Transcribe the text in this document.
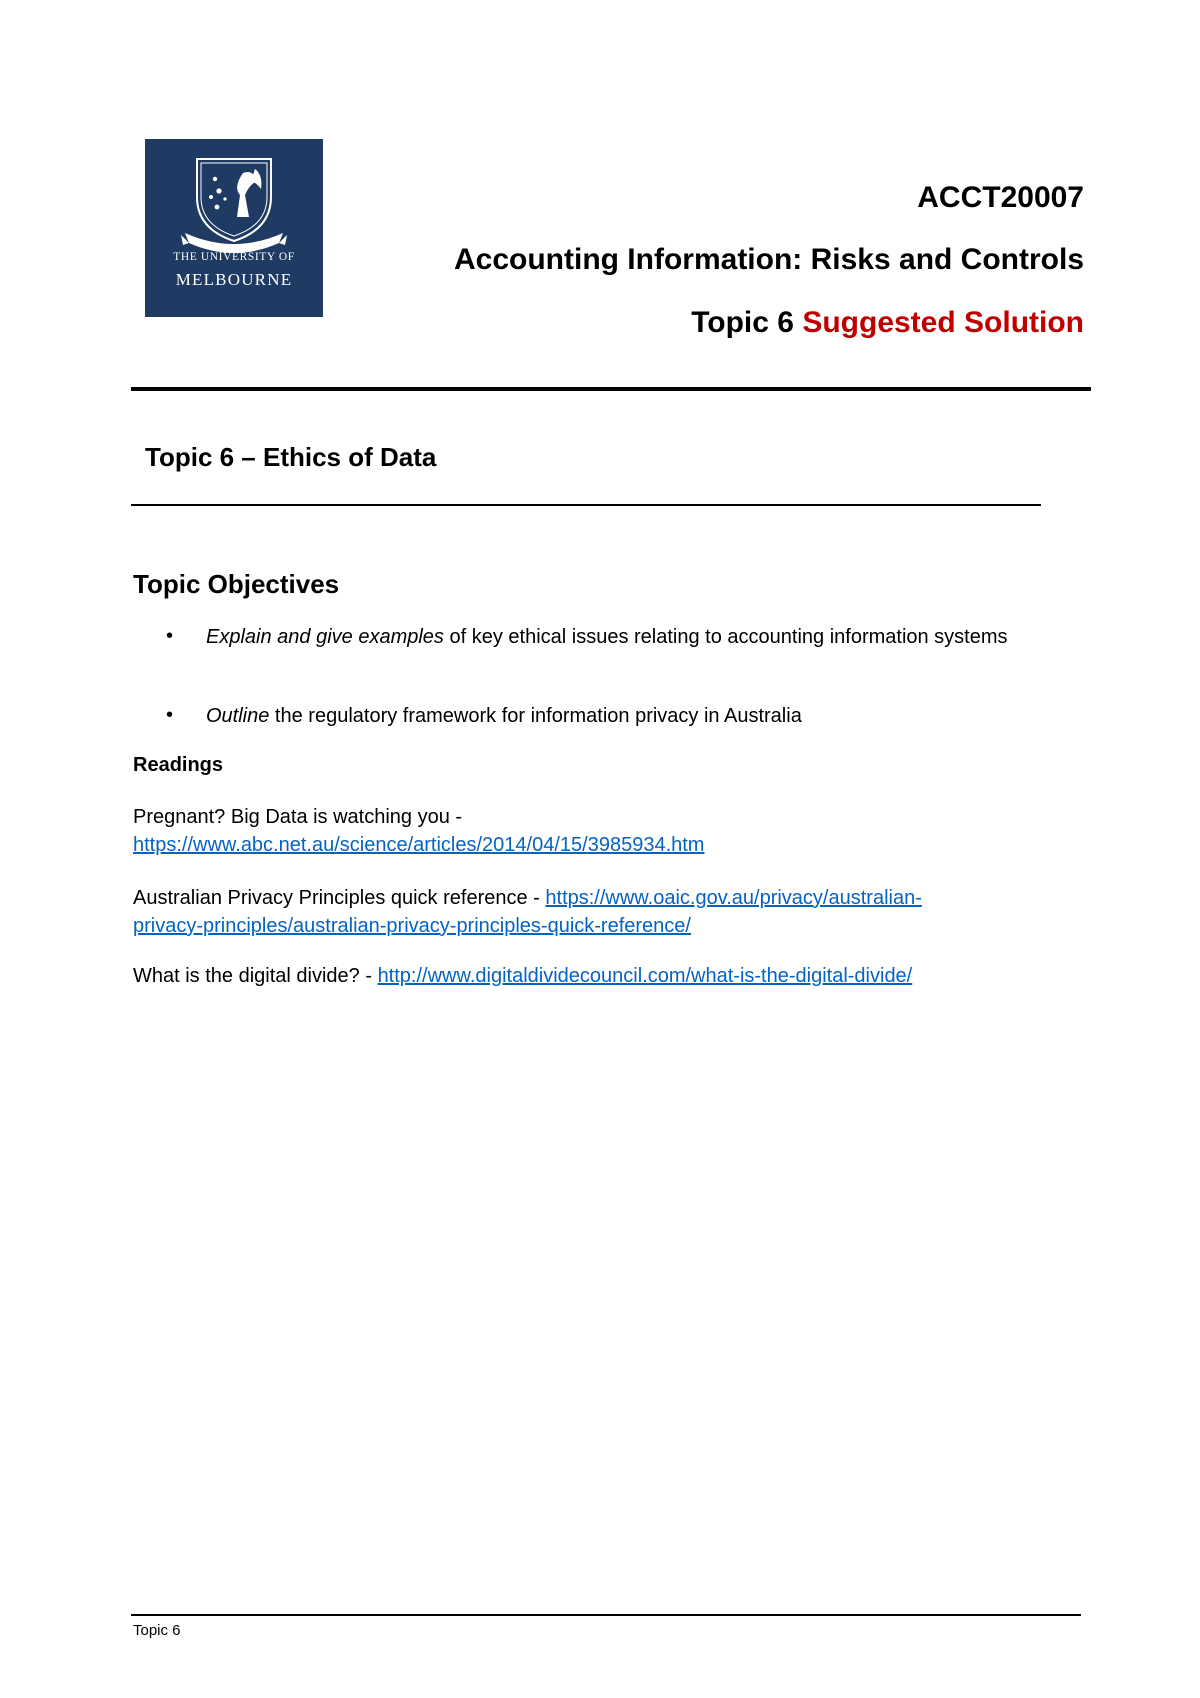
THE UNIVERSITY OF
MELBOURNE
ACCT20007
Accounting Information: Risks and Controls
Topic 6 Suggested Solution
Topic 6 – Ethics of Data
Topic Objectives
• Explain and give examples of key ethical issues relating to accounting information systems
• Outline the regulatory framework for information privacy in Australia
Readings
Pregnant? Big Data is watching you -
https://www.abc.net.au/science/articles/2014/04/15/3985934.htm
Australian Privacy Principles quick reference - https://www.oaic.gov.au/privacy/australian-
privacy-principles/australian-privacy-principles-quick-reference/
What is the digital divide? - http://www.digitaldividecouncil.com/what-is-the-digital-divide/
Topic 6
